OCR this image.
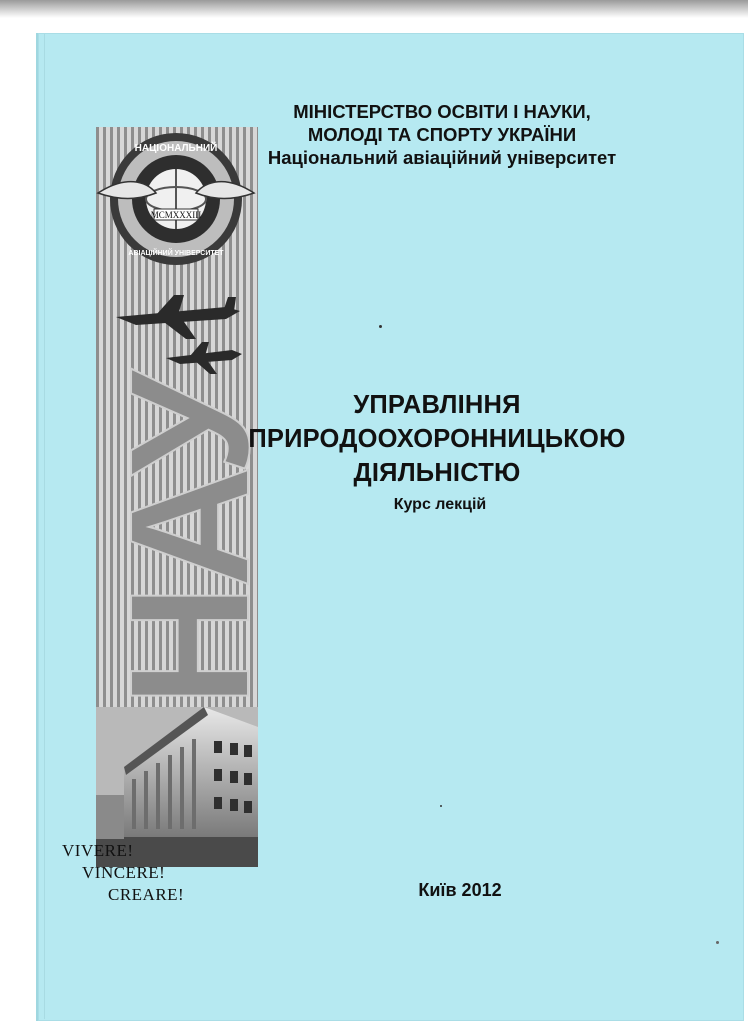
MCMXXXIII
НАЦІОНАЛЬНИЙ
АВІАЦІЙНИЙ УНІВЕРСИТЕТ
НАУ
МІНІСТЕРСТВО ОСВІТИ І НАУКИ,
МОЛОДІ ТА СПОРТУ УКРАЇНИ
Національний авіаційний університет
УПРАВЛІННЯ
ПРИРОДООХОРОННИЦЬКОЮ
ДІЯЛЬНІСТЮ
Курс лекцій
VIVERE!
VINCERE!
CREARE!	Київ 2012
